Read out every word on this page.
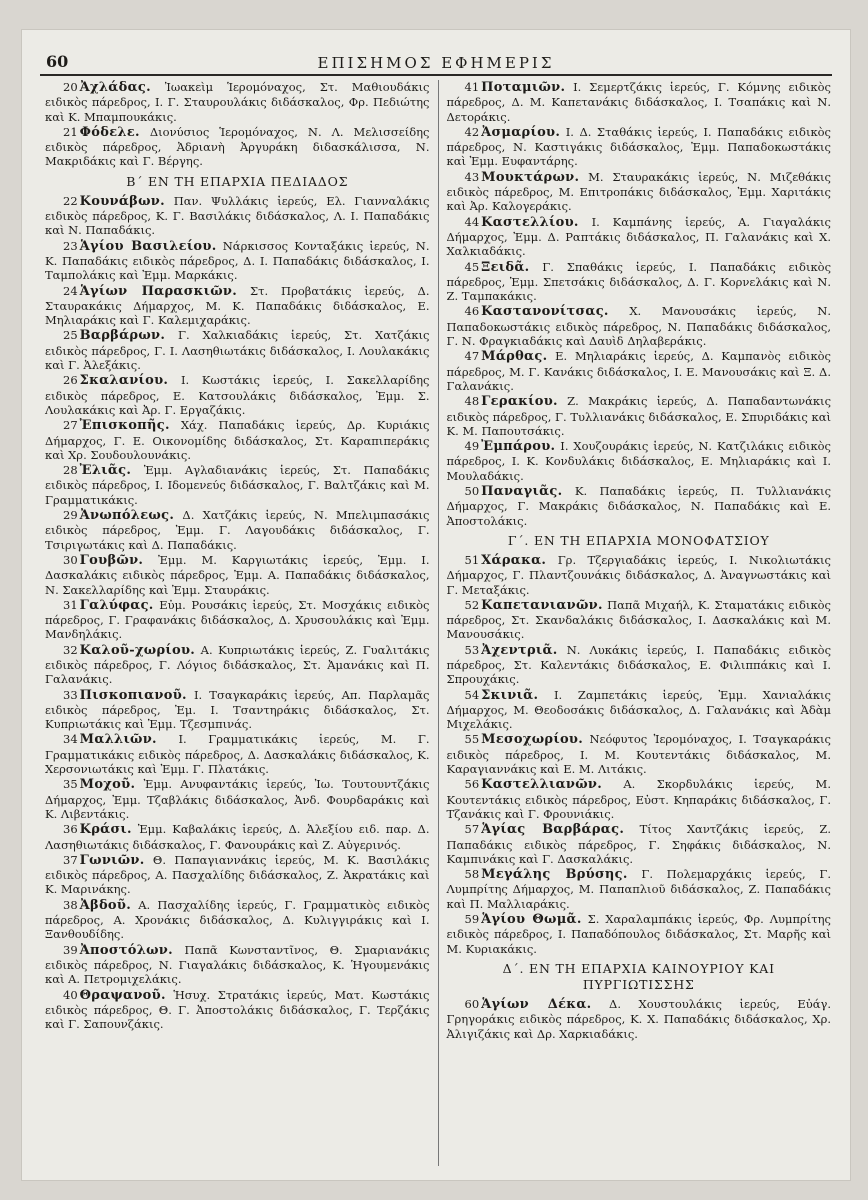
60	ΕΠΙΣΗΜΟΣ ΕΦΗΜΕΡΙΣ

20 Ἀχλάδας. Ἰωακεὶμ Ἱερομόναχος, Στ. Μαθιουδάκις ειδικὸς πάρεδρος, Ι. Γ. Σταυρουλάκις διδάσκαλος, Φρ. Πεδιώτης καὶ Κ. Μπαμπουκάκις.

21 Φόδελε. Διονύσιος Ἱερομόναχος, Ν. Λ. Μελισσείδης ειδικὸς πάρεδρος, Ἀδριανὴ Ἀργυράκη διδασκάλισσα, Ν. Μακριδάκις καὶ Γ. Βέργης.

Β΄ ΕΝ ΤΗ ΕΠΑΡΧΙΑ ΠΕΔΙΑΔΟΣ

22 Κουνάβων. Παν. Ψυλλάκις ἱερεύς, Ελ. Γιανναλάκις ειδικὸς πάρεδρος, Κ. Γ. Βασιλάκις διδάσκαλος, Λ. Ι. Παπαδάκις καὶ Ν. Παπαδάκις.

23 Ἁγίου Βασιλείου. Νάρκισσος Κονταξάκις ἱερεύς, Ν. Κ. Παπαδάκις ειδικὸς πάρεδρος, Δ. Ι. Παπαδάκις διδάσκαλος, Ι. Ταμπολάκις καὶ Ἐμμ. Μαρκάκις.

24 Ἁγίων Παρασκιῶν. Στ. Προβατάκις ἱερεύς, Δ. Σταυρακάκις Δήμαρχος, Μ. Κ. Παπαδάκις διδάσκαλος, Ε. Μηλιαράκις καὶ Γ. Καλεμιχαράκις.

25 Βαρβάρων. Γ. Χαλκιαδάκις ἱερεύς, Στ. Χατζάκις ειδικὸς πάρεδρος, Γ. Ι. Λασηθιωτάκις διδάσκαλος, Ι. Λουλακάκις καὶ Γ. Ἀλεξάκις.

26 Σκαλανίου. Ι. Κωστάκις ἱερεύς, Ι. Σακελλαρίδης ειδικὸς πάρεδρος, Ε. Κατσουλάκις διδάσκαλος, Ἐμμ. Σ. Λουλακάκις καὶ Ἀρ. Γ. Εργαζάκις.

27 Ἐπισκοπῆς. Χάχ. Παπαδάκις ἱερεύς, Δρ. Κυριάκις Δήμαρχος, Γ. Ε. Οικονομίδης διδάσκαλος, Στ. Καραπιπεράκις καὶ Χρ. Σουδουλουνάκις.

28 Ἐλιᾶς. Ἐμμ. Αγλαδιανάκις ἱερεύς, Στ. Παπαδάκις ειδικὸς πάρεδρος, Ι. Ιδομενεύς διδάσκαλος, Γ. Βαλτζάκις καὶ Μ. Γραμματικάκις.

29 Ἀνωπόλεως. Δ. Χατζάκις ἱερεύς, Ν. Μπελιμπασάκις ειδικὸς πάρεδρος, Ἐμμ. Γ. Λαγουδάκις διδάσκαλος, Γ. Τσιριγωτάκις καὶ Δ. Παπαδάκις.

30 Γουβῶν. Ἐμμ. Μ. Καργιωτάκις ἱερεύς, Ἐμμ. Ι. Δασκαλάκις ειδικὸς πάρεδρος, Ἐμμ. Α. Παπαδάκις διδάσκαλος, Ν. Σακελλαρίδης καὶ Ἐμμ. Σταυράκις.

31 Γαλύφας. Εὐμ. Ρουσάκις ἱερεύς, Στ. Μοσχάκις ειδικὸς πάρεδρος, Γ. Γραφανάκις διδάσκαλος, Δ. Χρυσουλάκις καὶ Ἐμμ. Μανδηλάκις.

32 Καλοῦ-χωρίου. Α. Κυπριωτάκις ἱερεύς, Ζ. Γυαλιτάκις ειδικὸς πάρεδρος, Γ. Λόγιος διδάσκαλος, Στ. Ἀμανάκις καὶ Π. Γαλανάκις.

33 Πισκοπιανοῦ. Ι. Τσαγκαράκις ἱερεύς, Απ. Παρλαμᾶς ειδικὸς πάρεδρος, Ἐμ. Ι. Τσαντηράκις διδάσκαλος, Στ. Κυπριωτάκις καὶ Ἐμμ. Τζεσμπινάς.

34 Μαλλιῶν. Ι. Γραμματικάκις ἱερεύς, Μ. Γ. Γραμματικάκις ειδικὸς πάρεδρος, Δ. Δασκαλάκις διδάσκαλος, Κ. Χερσονιωτάκις καὶ Ἐμμ. Γ. Πλατάκις.

35 Μοχοῦ. Ἐμμ. Ανυφαντάκις ἱερεύς, Ἰω. Τουτουντζάκις Δήμαρχος, Ἐμμ. Τζαβλάκις διδάσκαλος, Ἀνδ. Φουρδαράκις καὶ Κ. Λιβεντάκις.

36 Κράσι. Ἐμμ. Καβαλάκις ἱερεύς, Δ. Ἀλεξίου ειδ. παρ. Δ. Λασηθιωτάκις διδάσκαλος, Γ. Φανουράκις καὶ Ζ. Αὐγερινός.

37 Γωνιῶν. Θ. Παπαγιαννάκις ἱερεύς, Μ. Κ. Βασιλάκις ειδικὸς πάρεδρος, Α. Πασχαλίδης διδάσκαλος, Ζ. Ἀκρατάκις καὶ Κ. Μαρινάκης.

38 Ἀβδοῦ. Α. Πασχαλίδης ἱερεύς, Γ. Γραμματικὸς ειδικὸς πάρεδρος, Α. Χρονάκις διδάσκαλος, Δ. Κυλιγγιράκις καὶ Ι. Ξανθουδίδης.

39 Ἀποστόλων. Παπᾶ Κωνσταντῖνος, Θ. Σμαριανάκις ειδικὸς πάρεδρος, Ν. Γιαγαλάκις διδάσκαλος, Κ. Ἡγουμενάκις καὶ Α. Πετρομιχελάκις.

40 Θραψανοῦ. Ἡσυχ. Στρατάκις ἱερεύς, Ματ. Κωστάκις ειδικὸς πάρεδρος, Θ. Γ. Ἀποστολάκις διδάσκαλος, Γ. Τερζάκις καὶ Γ. Σαπουνζάκις.

41 Ποταμιῶν. Ι. Σεμερτζάκις ἱερεύς, Γ. Κόμνης ειδικὸς πάρεδρος, Δ. Μ. Καπετανάκις διδάσκαλος, Ι. Τσαπάκις καὶ Ν. Δετοράκις.

42 Ἀσμαρίου. Ι. Δ. Σταθάκις ἱερεύς, Ι. Παπαδάκις ειδικὸς πάρεδρος, Ν. Καστιγάκις διδάσκαλος, Ἐμμ. Παπαδοκωστάκις καὶ Ἐμμ. Ευφαντάρης.

43 Μουκτάρων. Μ. Σταυρακάκις ἱερεύς, Ν. Μιζεθάκις ειδικὸς πάρεδρος, Μ. Επιτροπάκις διδάσκαλος, Ἐμμ. Χαριτάκις καὶ Ἀρ. Καλογεράκις.

44 Καστελλίου. Ι. Καμπάνης ἱερεύς, Α. Γιαγαλάκις Δήμαρχος, Ἐμμ. Δ. Ραπτάκις διδάσκαλος, Π. Γαλανάκις καὶ Χ. Χαλκιαδάκις.

45 Ξειδᾶ. Γ. Σπαθάκις ἱερεύς, Ι. Παπαδάκις ειδικὸς πάρεδρος, Ἐμμ. Σπετσάκις διδάσκαλος, Δ. Γ. Κορνελάκις καὶ Ν. Ζ. Ταμπακάκις.

46 Καστανονίτσας. Χ. Μανουσάκις ἱερεύς, Ν. Παπαδοκωστάκις ειδικὸς πάρεδρος, Ν. Παπαδάκις διδάσκαλος, Γ. Ν. Φραγκιαδάκις καὶ Δαυὶδ Δηλαβεράκις.

47 Μάρθας. Ε. Μηλιαράκις ἱερεύς, Δ. Καμπανὸς ειδικὸς πάρεδρος, Μ. Γ. Κανάκις διδάσκαλος, Ι. Ε. Μανουσάκις καὶ Ξ. Δ. Γαλανάκις.

48 Γερακίου. Ζ. Μακράκις ἱερεύς, Δ. Παπαδαντωνάκις ειδικὸς πάρεδρος, Γ. Τυλλιανάκις διδάσκαλος, Ε. Σπυριδάκις καὶ Κ. Μ. Παπουτσάκις.

49 Ἐμπάρου. Ι. Χουζουράκις ἱερεύς, Ν. Κατζιλάκις ειδικὸς πάρεδρος, Ι. Κ. Κονδυλάκις διδάσκαλος, Ε. Μηλιαράκις καὶ Ι. Μουλαδάκις.

50 Παναγιᾶς. Κ. Παπαδάκις ἱερεύς, Π. Τυλλιανάκις Δήμαρχος, Γ. Μακράκις διδάσκαλος, Ν. Παπαδάκις καὶ Ε. Ἀποστολάκις.

Γ΄. ΕΝ ΤΗ ΕΠΑΡΧΙΑ ΜΟΝΟΦΑΤΣΙΟΥ

51 Χάρακα. Γρ. Τζεργιαδάκις ἱερεύς, Ι. Νικολιωτάκις Δήμαρχος, Γ. Πλαντζουνάκις διδάσκαλος, Δ. Ἀναγνωστάκις καὶ Γ. Μεταξάκις.

52 Καπετανιανῶν. Παπᾶ Μιχαήλ, Κ. Σταματάκις ειδικὸς πάρεδρος, Στ. Σκανδαλάκις διδάσκαλος, Ι. Δασκαλάκις καὶ Μ. Μανουσάκις.

53 Ἀχεντριᾶ. Ν. Λυκάκις ἱερεύς, Ι. Παπαδάκις ειδικὸς πάρεδρος, Στ. Καλεντάκις διδάσκαλος, Ε. Φιλιππάκις καὶ Ι. Σπρουχάκις.

54 Σκινιᾶ. Ι. Ζαμπετάκις ἱερεύς, Ἐμμ. Χανιαλάκις Δήμαρχος, Μ. Θεοδοσάκις διδάσκαλος, Δ. Γαλανάκις καὶ Ἀδὰμ Μιχελάκις.

55 Μεσοχωρίου. Νεόφυτος Ἱερομόναχος, Ι. Τσαγκαράκις ειδικὸς πάρεδρος, Ι. Μ. Κουτεντάκις διδάσκαλος, Μ. Καραγιαννάκις καὶ Ε. Μ. Λιτάκις.

56 Καστελλιανῶν. Α. Σκορδυλάκις ἱερεύς, Μ. Κουτεντάκις ειδικὸς πάρεδρος, Εὐστ. Κηπαράκις διδάσκαλος, Γ. Τζανάκις καὶ Γ. Φρουνιάκις.

57 Ἁγίας Βαρβάρας. Τίτος Χαντζάκις ἱερεύς, Ζ. Παπαδάκις ειδικὸς πάρεδρος, Γ. Σηφάκις διδάσκαλος, Ν. Καμπινάκις καὶ Γ. Δασκαλάκις.

58 Μεγάλης Βρύσης. Γ. Πολεμαρχάκις ἱερεύς, Γ. Λυμπρίτης Δήμαρχος, Μ. Παπαπλιοῦ διδάσκαλος, Ζ. Παπαδάκις καὶ Π. Μαλλιαράκις.

59 Ἁγίου Θωμᾶ. Σ. Χαραλαμπάκις ἱερεύς, Φρ. Λυμπρίτης ειδικὸς πάρεδρος, Ι. Παπαδόπουλος διδάσκαλος, Στ. Μαρῆς καὶ Μ. Κυριακάκις.

Δ΄. ΕΝ ΤΗ ΕΠΑΡΧΙΑ ΚΑΙΝΟΥΡΙΟΥ ΚΑΙ
ΠΥΡΓΙΩΤΙΣΣΗΣ

60 Ἁγίων Δέκα. Δ. Χουστουλάκις ἱερεύς, Εὐάγ. Γρηγοράκις ειδικὸς πάρεδρος, Κ. Χ. Παπαδάκις διδάσκαλος, Χρ. Ἀλιγιζάκις καὶ Δρ. Χαρκιαδάκις.
